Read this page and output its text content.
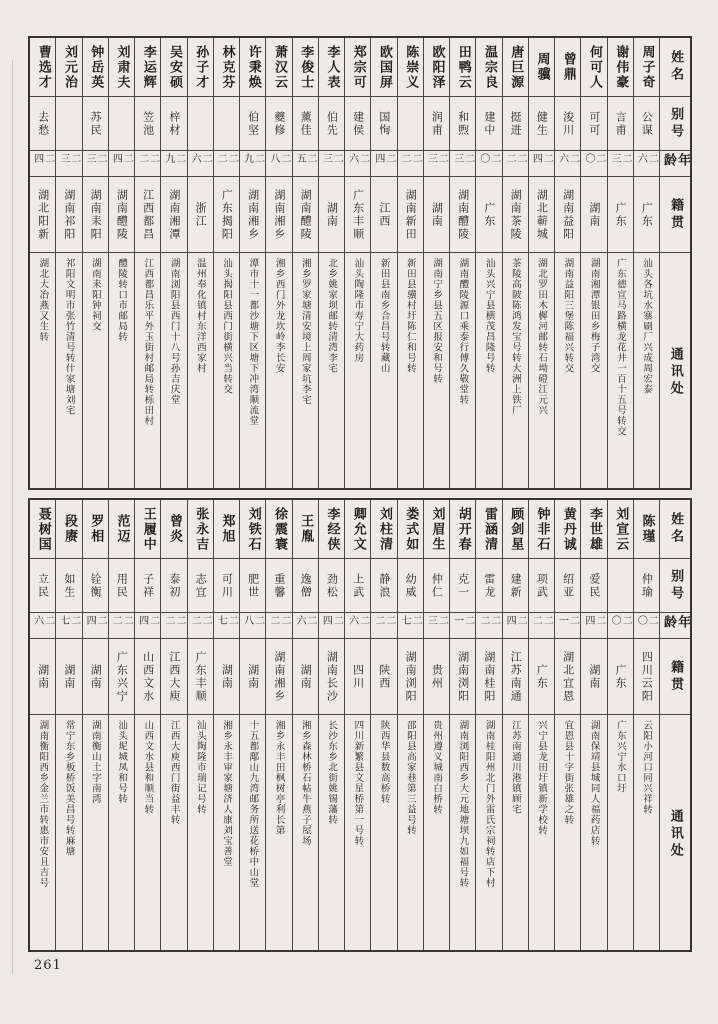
曹选才
去愁
二四
湖北阳新
湖北大冶燕又生转
刘元治
二三
湖南祁阳
祁阳文明市张竹清号转什家塘刘宅
钟岳英
苏民
二三
湖南耒阳
湖南耒阳钟祠交
刘肃夫
二四
湖南醴陵
醴陵转口市邮局转
李运辉
笠池
二二
江西都昌
江西都昌乐平外玉街村邮局转栎田村
吴安硕
梓材
二九
湖南湘潭
湖南浏阳县西门十八号孙吉庆堂
孙子才
二六
浙江
温州奉化镇村东洋西家村
林克芬
二二
广东揭阳
汕头揭阳县西门街横兴当转交
许秉焕
伯坚
二九
湖南湘乡
潭市十一都沙塘下区塘下冲湾顺流堂
萧汉云
夔修
二八
湖南湘乡
湘乡西门外龙坎岭李长安
李俊士
薰佳
二五
湖南醴陵
湘乡罗家塘清安境上周家坑李宅
李人表
伯先
二三
湖南
北乡姚家坝邮转清湾李宅
郑宗可
建侯
二六
广东丰顺
汕头陶隆市寿宁大药房
欧国屏
国恂
二四
江西
新田县南乡合昌号转藏山
陈崇义
二二
湖南新田
新田县骥村圩陈仁和号转
欧阳泽
润甫
二三
湖南
湖南宁乡县五区报安和号转
田鸭云
和煦
二三
湖南醴陵
湖南醴陵源口乘泰行傅久敬堂转
温宗良
建中
二〇
广东
汕头兴宁县横茂昌隆号转
唐巨源
挺进
二二
湖南茶陵
茶陵高陂陈鸿发宝号转大洲上铁厂
周骥
健生
二四
湖北蕲城
湖北罗田木樨河邮转石坳磴江元兴
曾鼎
浚川
二六
湖南益阳
湖南益阳三堡陈福兴转交
何可人
可可
二〇
湖南
湖南湘潭银田乡梅子湾交
谢伟豪
言甫
二三
广东
广东德宣马路横龙花井一百十五号转交
周子奇
公谋
二六
广东
汕头各坑水寨刷厂兴成周宏泰
姓名
别号
年龄
籍贯
通讯处
聂树国
立民
二六
湖南
湖南衡阳西乡金兰市转惠市安且吉号
段赓
如生
二七
湖南
常宁东乡板桥饭美昌号转麻塘
罗相
铨衡
二四
湖南
湖南衡山土字南湾
范迈
用民
二二
广东兴宁
汕头坭城凤和号转
王履中
子祥
二四
山西文水
山西文水县和顺当转
曾炎
泰初
二二
江西大庾
江西大庾西门街益丰转
张永吉
志宜
二二
广东丰顺
汕头陶隆市瑞记号转
郑旭
可川
二七
湖南
湘乡永丰审家塘济人康刘宝善堂
刘铁石
肥世
二八
湖南
十五都鄅山九湾邮务所送花桥中山堂
徐震寰
重馨
二二
湖南湘乡
湘乡永丰田枫树亭利长第
王胤
逸僧
二六
湖南
湘乡森林桥石帖牛燕子屋场
李经侠
劲松
二四
湖南长沙
长沙东乡北街姚锡藩转
卿允文
上武
二六
四川
四川新繁县文星桥第一号转
刘柱清
静浪
二二
陕西
陕西华县数高桥转
娄式如
幼威
二七
湖南浏阳
邵阳县高家巷第三益号转
刘眉生
仲仁
二三
贵州
贵州遵义城南白桥转
胡开春
克一
二一
湖南浏阳
湖南浏阳西乡大元地塘坝九如福号转
雷涵清
雷龙
二二
湖南桂阳
湖南桂阳州北门外雷氏宗祠转店下村
顾剑星
建新
二四
江苏南通
江苏南通川港镇顾宅
钟非石
项武
二二
广东
兴宁县龙田圩镇新学校转
黄丹诚
绍亚
二一
湖北宜恩
宜恩县十字街张雄之转
李世雄
爱民
二四
湖南
湖南保靖县城同人福药店转
刘宣云
二〇
广东
广东兴宁水口圩
陈瑾
仲瑜
二〇
四川云阳
云阳小河口同兴祥转
姓名
别号
年龄
籍贯
通讯处
261
